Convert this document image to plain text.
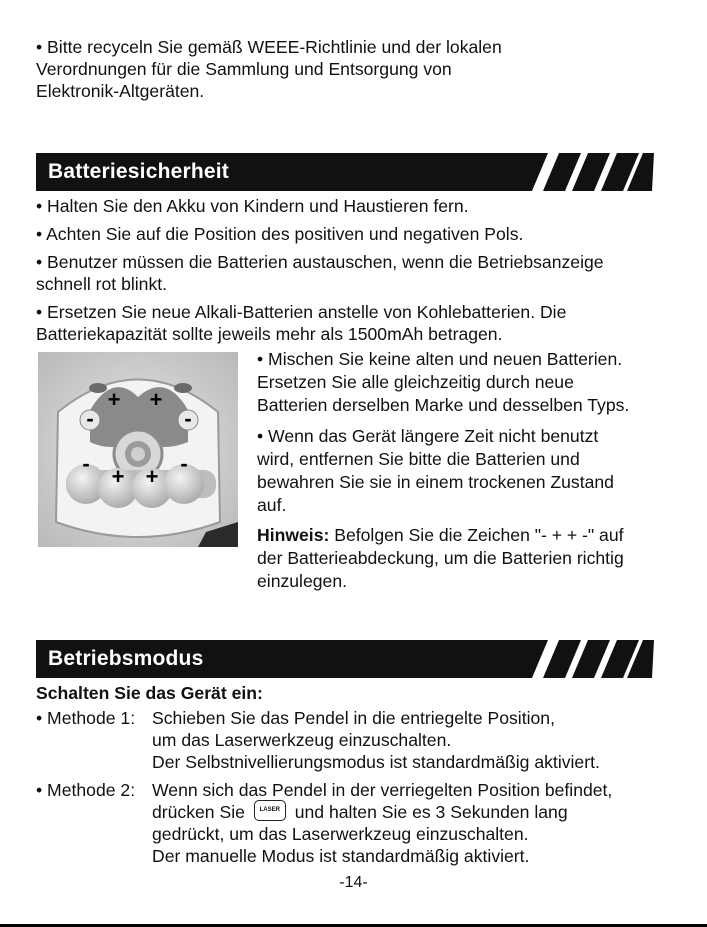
• Bitte recyceln Sie gemäß WEEE-Richtlinie und der lokalen

Verordnungen für die Sammlung und Entsorgung von

Elektronik-Altgeräten.

Batteriesicherheit

• Halten Sie den Akku von Kindern und Haustieren fern.

• Achten Sie auf die Position des positiven und negativen Pols.

• Benutzer müssen die Batterien austauschen, wenn die Betriebsanzeige

schnell rot blinkt.

• Ersetzen Sie neue Alkali-Batterien anstelle von Kohlebatterien. Die

Batteriekapazität sollte jeweils mehr als 1500mAh betragen.

+ +
-	-
-
+ +
-

• Mischen Sie keine alten und neuen Batterien.

Ersetzen Sie alle gleichzeitig durch neue

Batterien derselben Marke und desselben Typs.

• Wenn das Gerät längere Zeit nicht benutzt

wird, entfernen Sie bitte die Batterien und

bewahren Sie sie in einem trockenen Zustand

auf.

Hinweis: Befolgen Sie die Zeichen "- + + -" auf

der Batterieabdeckung, um die Batterien richtig

einzulegen.

Betriebsmodus

Schalten Sie das Gerät ein:

• Methode 1: Schieben Sie das Pendel in die entriegelte Position,

um das Laserwerkzeug einzuschalten.

Der Selbstnivellierungsmodus ist standardmäßig aktiviert.

• Methode 2: Wenn sich das Pendel in der verriegelten Position befindet,

drücken Sie LASER und halten Sie es 3 Sekunden lang

gedrückt, um das Laserwerkzeug einzuschalten.

Der manuelle Modus ist standardmäßig aktiviert.

-14-
